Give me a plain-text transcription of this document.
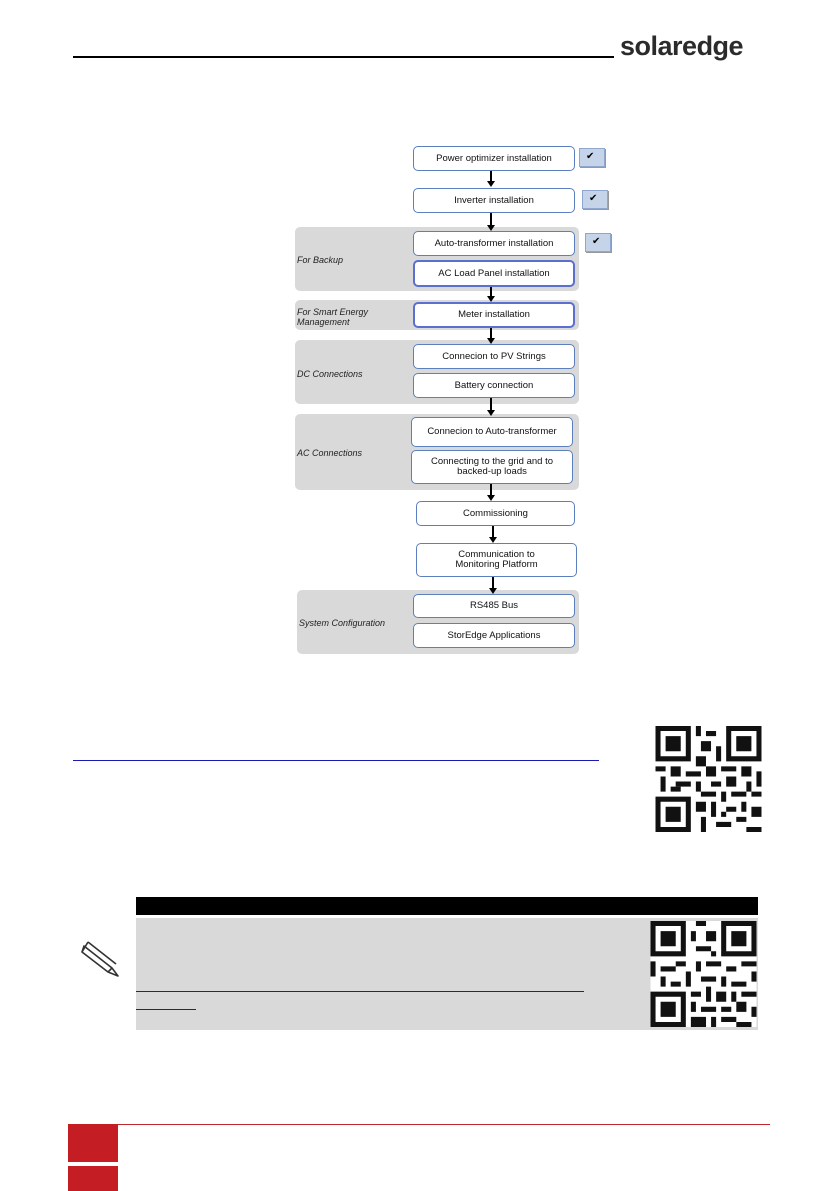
solaredge
For Backup
For Smart Energy Management
DC Connections
AC Connections
System Configuration
Power optimizer installation
Inverter installation
Auto-transformer installation
AC Load Panel installation
Meter installation
Connecion to PV Strings
Battery connection
Connecion to Auto-transformer
Connecting to the grid and to backed-up loads
Commissioning
Communication to Monitoring Platform
RS485 Bus
StorEdge Applications
✔
✔
✔
